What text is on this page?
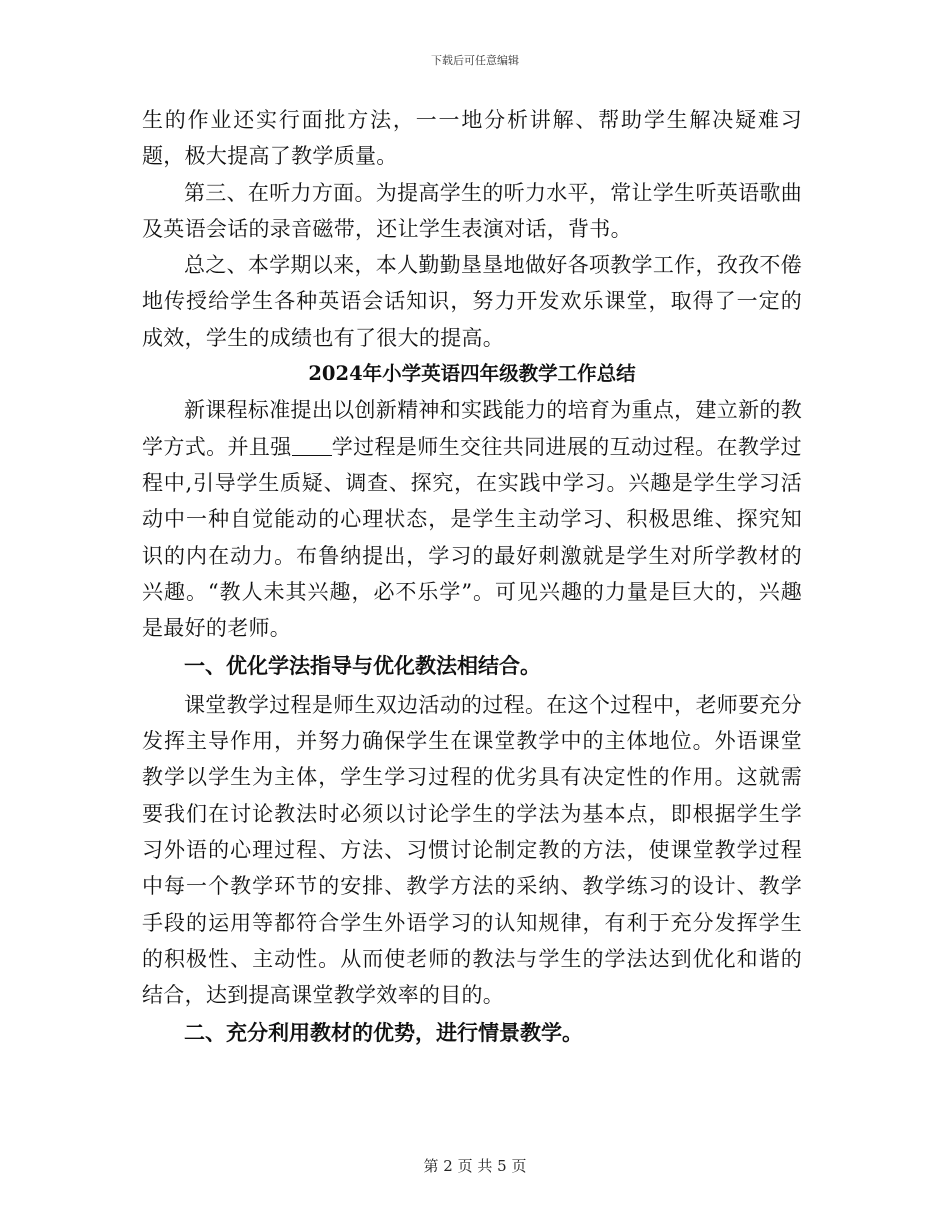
下载后可任意编辑

生的作业还实行面批方法，一一地分析讲解、帮助学生解决疑难习题，极大提高了教学质量。

第三、在听力方面。为提高学生的听力水平，常让学生听英语歌曲及英语会话的录音磁带，还让学生表演对话，背书。

总之、本学期以来，本人勤勤垦垦地做好各项教学工作，孜孜不倦地传授给学生各种英语会话知识，努力开发欢乐课堂，取得了一定的成效，学生的成绩也有了很大的提高。

2024年小学英语四年级教学工作总结

新课程标准提出以创新精神和实践能力的培育为重点，建立新的教学方式。并且强 学过程是师生交往共同进展的互动过程。在教学过程中,引导学生质疑、调查、探究，在实践中学习。兴趣是学生学习活动中一种自觉能动的心理状态，是学生主动学习、积极思维、探究知识的内在动力。布鲁纳提出，学习的最好刺激就是学生对所学教材的兴趣。“教人未其兴趣，必不乐学”。可见兴趣的力量是巨大的，兴趣是最好的老师。

一、优化学法指导与优化教法相结合。

课堂教学过程是师生双边活动的过程。在这个过程中，老师要充分发挥主导作用，并努力确保学生在课堂教学中的主体地位。外语课堂教学以学生为主体，学生学习过程的优劣具有决定性的作用。这就需要我们在讨论教法时必须以讨论学生的学法为基本点，即根据学生学习外语的心理过程、方法、习惯讨论制定教的方法，使课堂教学过程中每一个教学环节的安排、教学方法的采纳、教学练习的设计、教学手段的运用等都符合学生外语学习的认知规律，有利于充分发挥学生的积极性、主动性。从而使老师的教法与学生的学法达到优化和谐的结合，达到提高课堂教学效率的目的。

二、充分利用教材的优势，进行情景教学。

第 2 页 共 5 页
